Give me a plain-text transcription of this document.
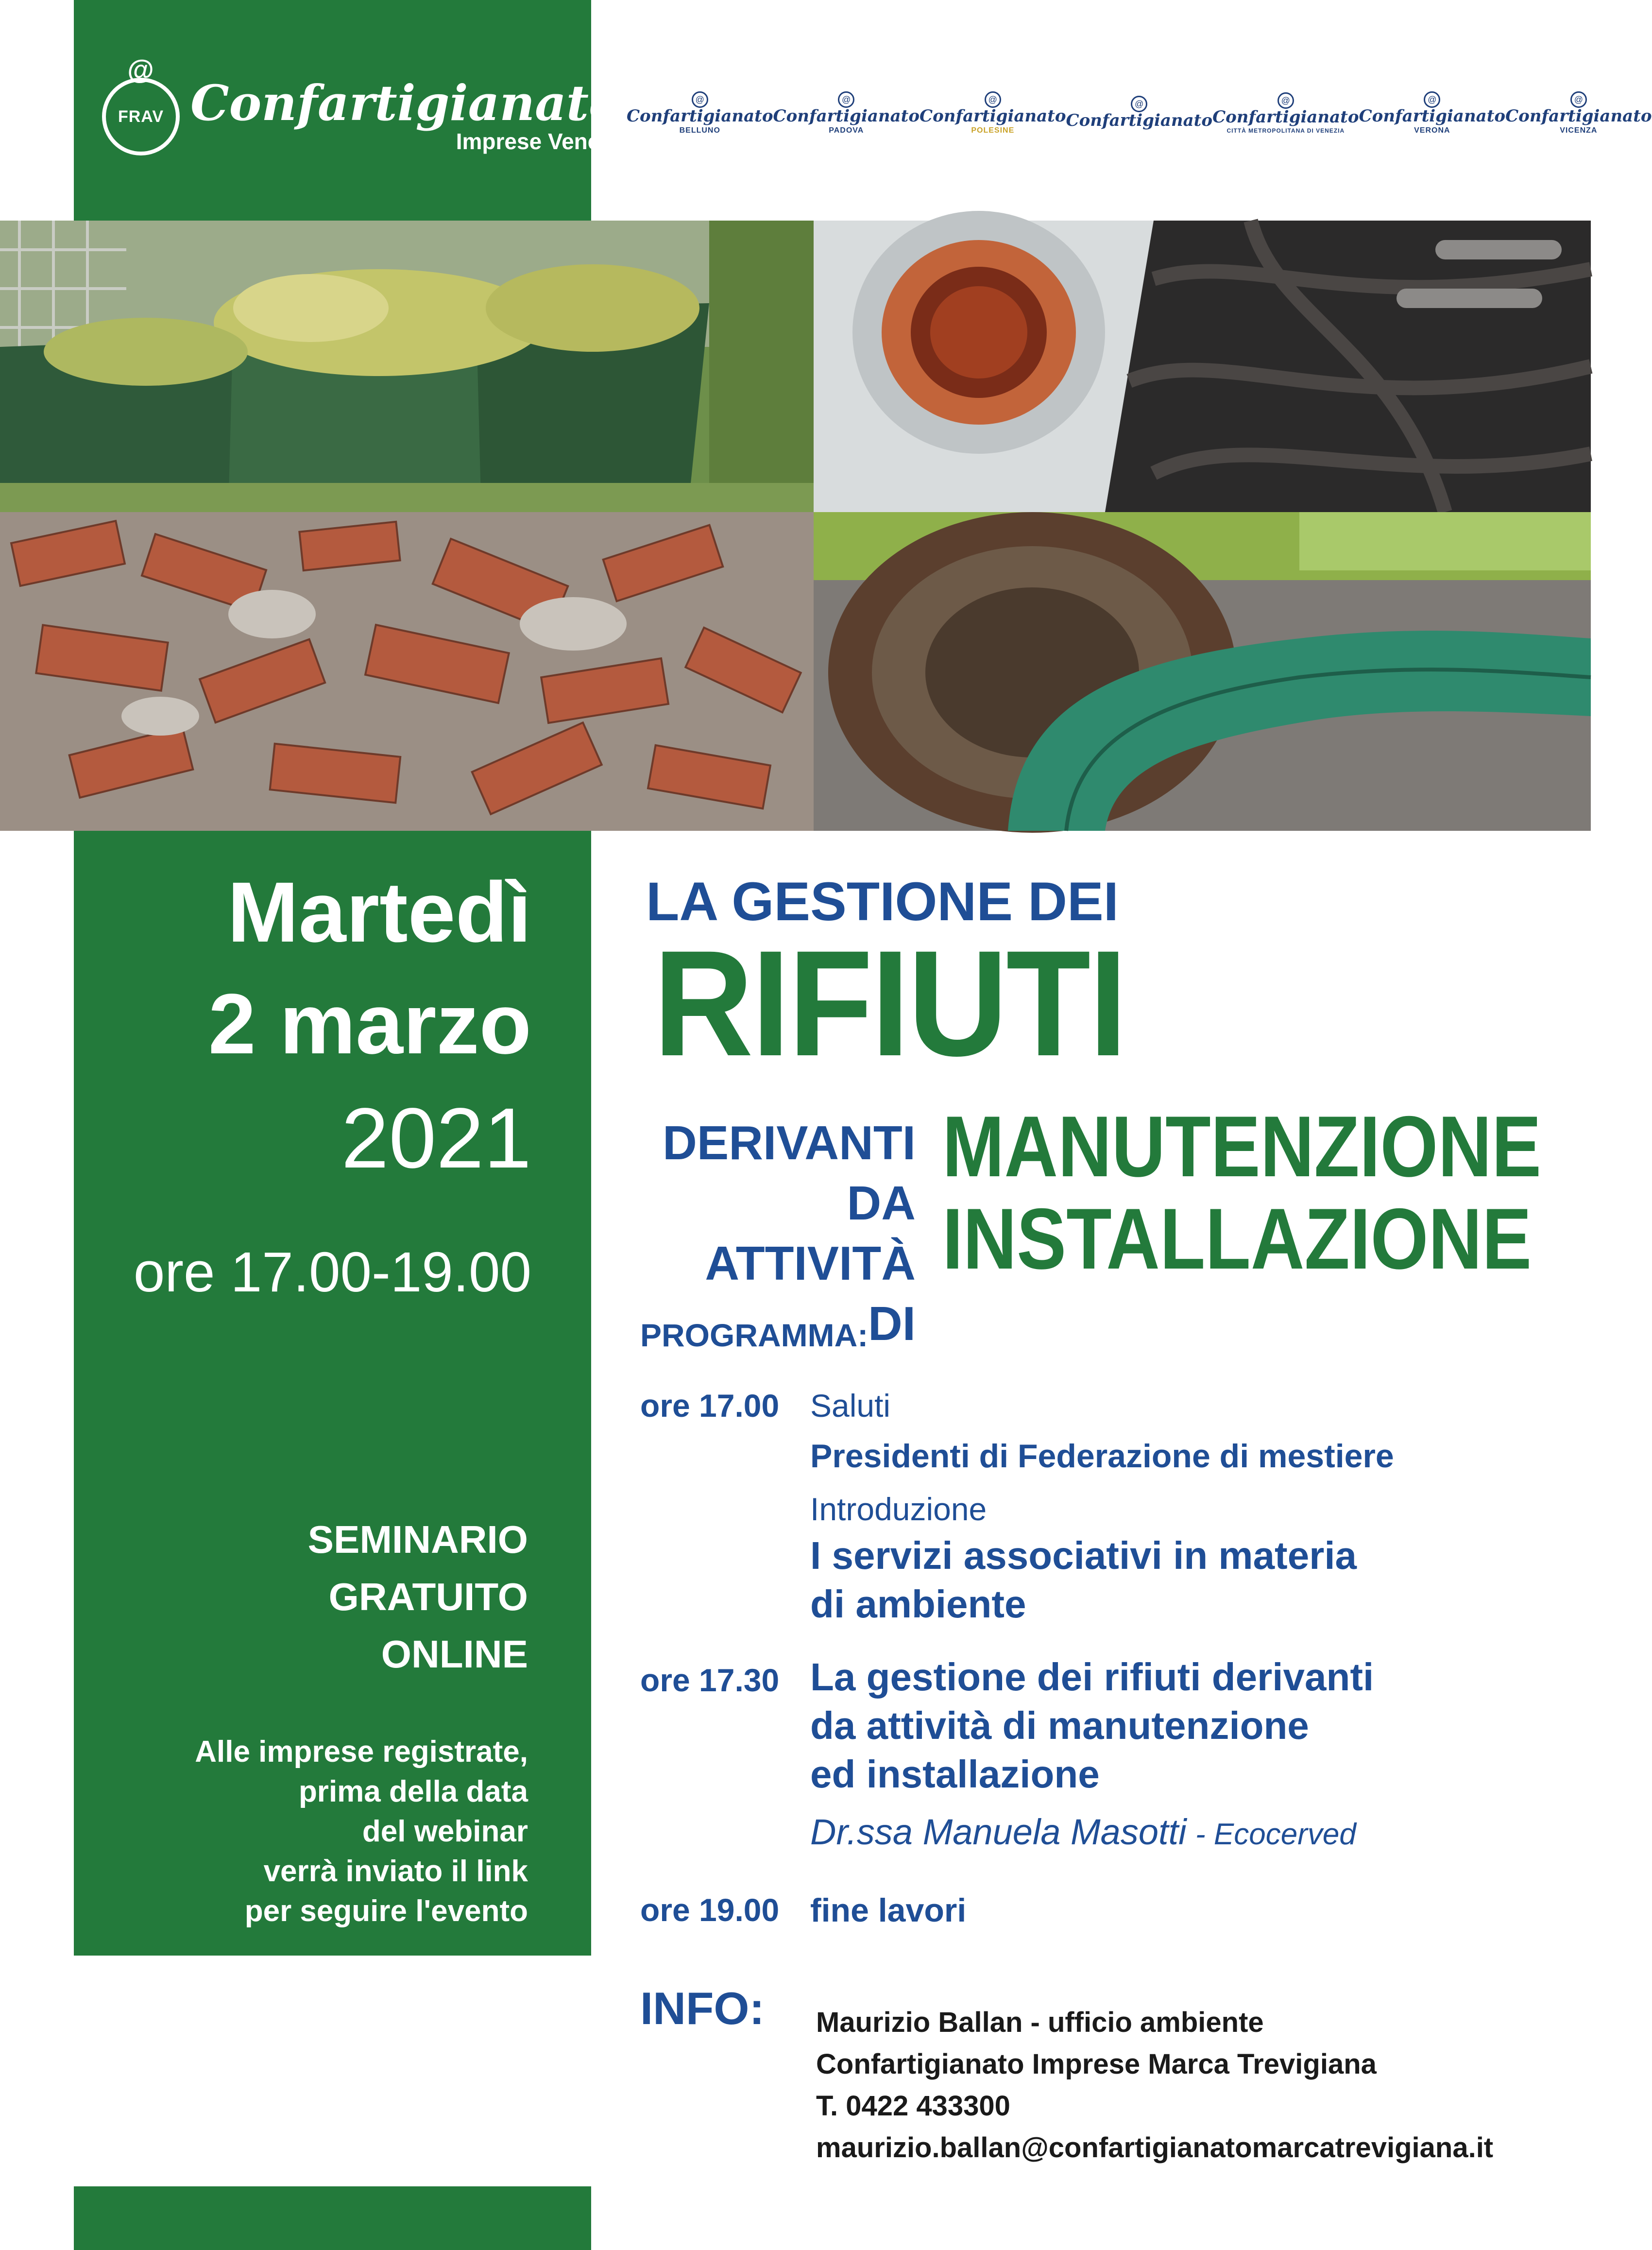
@ FRAV Confartigianato
Imprese Veneto
@
Confartigianato
BELLUNO
@
Confartigianato
PADOVA
@
Confartigianato
POLESINE
@
Confartigianato
@
Confartigianato
CITTÀ METROPOLITANA DI VENEZIA
@
Confartigianato
VERONA
@
Confartigianato
VICENZA
Martedì
2 marzo
2021
ore 17.00-19.00
SEMINARIO
GRATUITO
ONLINE
Alle imprese registrate,
prima della data
del webinar
verrà inviato il link
per seguire l'evento
LA GESTIONE DEI
RIFIUTI
DERIVANTI
DA ATTIVITÀ
DI
MANUTENZIONE
INSTALLAZIONE
PROGRAMMA:
ore 17.00 Saluti
Presidenti di Federazione di mestiere
Introduzione
I servizi associativi in materia
di ambiente
ore 17.30 La gestione dei rifiuti derivanti
da attività di manutenzione
ed installazione
Dr.ssa Manuela Masotti - Ecocerved
ore 19.00 fine lavori
INFO: Maurizio Ballan - ufficio ambiente
Confartigianato Imprese Marca Trevigiana
T. 0422 433300
maurizio.ballan@confartigianatomarcatrevigiana.it
